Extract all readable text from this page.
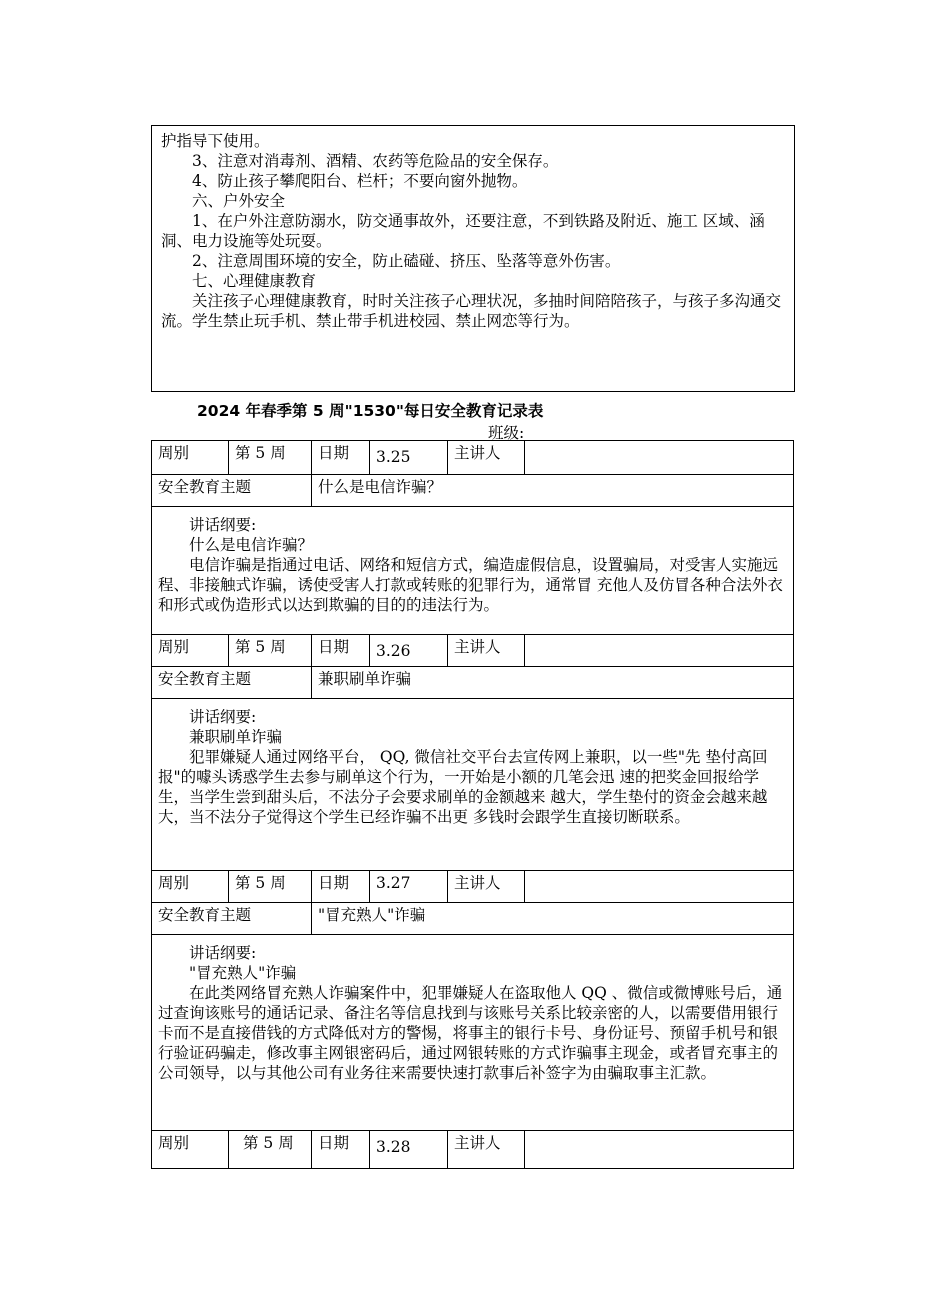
护指导下使用。

3、注意对消毒剂、酒精、农药等危险品的安全保存。

4、防止孩子攀爬阳台、栏杆；不要向窗外抛物。

六、户外安全

1、在户外注意防溺水，防交通事故外，还要注意，不到铁路及附近、施工 区域、涵洞、电力设施等处玩耍。

2、注意周围环境的安全，防止磕碰、挤压、坠落等意外伤害。

七、心理健康教育

关注孩子心理健康教育，时时关注孩子心理状况，多抽时间陪陪孩子，与孩子多沟通交流。学生禁止玩手机、禁止带手机进校园、禁止网恋等行为。

2024 年春季第 5 周"1530"每日安全教育记录表
班级:
周别	第 5 周	日期	3.25	主讲人	
安全教育主题		什么是电信诈骗？			

讲话纲要:

什么是电信诈骗？

电信诈骗是指通过电话、网络和短信方式，编造虚假信息，设置骗局，对受害人实施远程、非接触式诈骗，诱使受害人打款或转账的犯罪行为，通常冒 充他人及仿冒各种合法外衣和形式或伪造形式以达到欺骗的目的的违法行为。					

周别	第 5 周	日期	3.26	主讲人	
安全教育主题		兼职刷单诈骗			

讲话纲要:

兼职刷单诈骗

犯罪嫌疑人通过网络平台， QQ, 微信社交平台去宣传网上兼职，以一些"先 垫付高回报"的噱头诱惑学生去参与刷单这个行为，一开始是小额的几笔会迅 速的把奖金回报给学生，当学生尝到甜头后，不法分子会要求刷单的金额越来 越大，学生垫付的资金会越来越大，当不法分子觉得这个学生已经诈骗不出更 多钱时会跟学生直接切断联系。					

周别	第 5 周	日期	3.27	主讲人	
安全教育主题		"冒充熟人"诈骗			

讲话纲要:

"冒充熟人"诈骗

在此类网络冒充熟人诈骗案件中，犯罪嫌疑人在盗取他人 QQ 、微信或微博账号后，通过查询该账号的通话记录、备注名等信息找到与该账号关系比较亲密的人，以需要借用银行卡而不是直接借钱的方式降低对方的警惕，将事主的银行卡号、身份证号、预留手机号和银行验证码骗走，修改事主网银密码后，通过网银转账的方式诈骗事主现金，或者冒充事主的公司领导，以与其他公司有业务往来需要快速打款事后补签字为由骗取事主汇款。					

周别	第 5 周	日期	3.28	主讲人	
